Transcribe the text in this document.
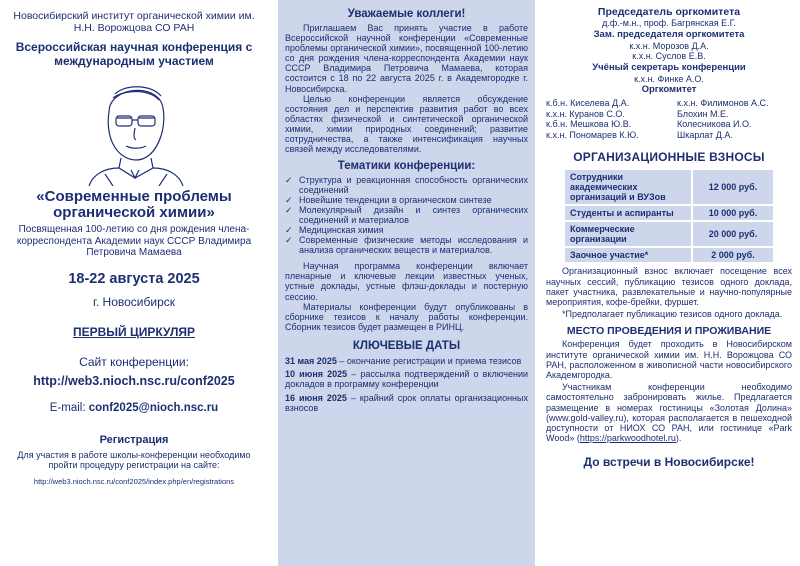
Новосибирский институт органической химии им. Н.Н. Ворожцова СО РАН

Всероссийская научная конференция с международным участием

«Современные проблемы органической химии»

Посвященная 100-летию со дня рождения члена-корреспондента Академии наук СССР Владимира Петровича Мамаева

18-22 августа 2025

г. Новосибирск

ПЕРВЫЙ ЦИРКУЛЯР

Сайт конференции:

http://web3.nioch.nsc.ru/conf2025

E-mail: conf2025@nioch.nsc.ru

Регистрация

Для участия в работе школы-конференции необходимо пройти процедуру регистрации на сайте:

http://web3.nioch.nsc.ru/conf2025/index.php/en/registrations

Уважаемые коллеги!

Приглашаем Вас принять участие в работе Всероссийской научной конференции «Современные проблемы органической химии», посвященной 100-летию со дня рождения члена-корреспондента Академии наук СССР Владимира Петровича Мамаева, которая состоится с 18 по 22 августа 2025 г. в Академгородке г. Новосибирска.

Целью конференции является обсуждение состояния дел и перспектив развития работ во всех областях физической и синтетической органической химии, химии природных соединений; развитие сотрудничества, а также интенсификация научных связей между исследователями.

Тематики конференции:

✓ Структура и реакционная способность органических соединений
✓ Новейшие тенденции в органическом синтезе
✓ Молекулярный дизайн и синтез органических соединений и материалов
✓ Медицинская химия
✓ Современные физические методы исследования и анализа органических веществ и материалов.

Научная программа конференции включает пленарные и ключевые лекции известных ученых, устные доклады, устные флэш-доклады и постерную сессию.

Материалы конференции будут опубликованы в сборнике тезисов к началу работы конференции. Сборник тезисов будет размещен в РИНЦ.

КЛЮЧЕВЫЕ ДАТЫ

31 мая 2025 – окончание регистрации и приема тезисов

10 июня 2025 – рассылка подтверждений о включении докладов в программу конференции

16 июня 2025 – крайний срок оплаты организационных взносов

Председатель оргкомитета

д.ф.-м.н., проф. Багрянская Е.Г.

Зам. председателя оргкомитета

к.х.н. Морозов Д.А.

к.х.н. Суслов Е.В.

Учёный секретарь конференции

к.х.н. Финке А.О.

Оргкомитет

к.б.н. Киселева Д.А.	к.х.н. Филимонов А.С.
к.х.н. Куранов С.О.	Блохин М.Е.
к.б.н. Мешкова Ю.В.	Колесникова И.О.
к.х.н. Пономарев К.Ю.	Шкарлат Д.А.

ОРГАНИЗАЦИОННЫЕ ВЗНОСЫ

Сотрудники академических организаций и ВУЗов	12 000 руб.
Студенты и аспиранты	10 000 руб.
Коммерческие организации	20 000 руб.
Заочное участие*	2 000 руб.

Организационный взнос включает посещение всех научных сессий, публикацию тезисов одного доклада, пакет участника, развлекательные и научно-популярные мероприятия, кофе-брейки, фуршет.

*Предполагает публикацию тезисов одного доклада.

МЕСТО ПРОВЕДЕНИЯ И ПРОЖИВАНИЕ

Конференция будет проходить в Новосибирском институте органической химии им. Н.Н. Ворожцова СО РАН, расположенном в живописной части новосибирского Академгородка.

Участникам конференции необходимо самостоятельно забронировать жилье. Предлагается размещение в номерах гостиницы «Золотая Долина» (www.gold-valley.ru), которая располагается в пешеходной доступности от НИОХ СО РАН, или гостинице «Park Wood» (https://parkwoodhotel.ru).

До встречи в Новосибирске!
